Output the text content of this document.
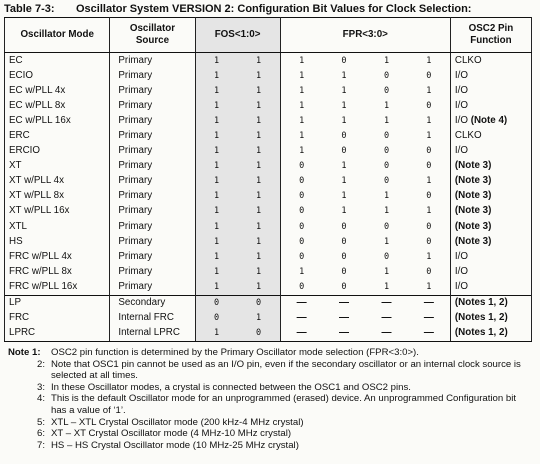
Table 7-3: Oscillator System VERSION 2: Configuration Bit Values for Clock Selection:
Oscillator Mode	Oscillator Source	FOS<1:0>		FPR<3:0>				OSC2 Pin Function
EC	Primary	1	1	1	0	1	1	CLKO
ECIO	Primary	1	1	1	1	0	0	I/O
EC w/PLL 4x	Primary	1	1	1	1	0	1	I/O
EC w/PLL 8x	Primary	1	1	1	1	1	0	I/O
EC w/PLL 16x	Primary	1	1	1	1	1	1	I/O (Note 4)
ERC	Primary	1	1	1	0	0	1	CLKO
ERCIO	Primary	1	1	1	0	0	0	I/O
XT	Primary	1	1	0	1	0	0	(Note 3)
XT w/PLL 4x	Primary	1	1	0	1	0	1	(Note 3)
XT w/PLL 8x	Primary	1	1	0	1	1	0	(Note 3)
XT w/PLL 16x	Primary	1	1	0	1	1	1	(Note 3)
XTL	Primary	1	1	0	0	0	0	(Note 3)
HS	Primary	1	1	0	0	1	0	(Note 3)
FRC w/PLL 4x	Primary	1	1	0	0	0	1	I/O
FRC w/PLL 8x	Primary	1	1	1	0	1	0	I/O
FRC w/PLL 16x	Primary	1	1	0	0	1	1	I/O
LP	Secondary	0	0	—	—	—	—	(Notes 1, 2)
FRC	Internal FRC	0	1	—	—	—	—	(Notes 1, 2)
LPRC	Internal LPRC	1	0	—	—	—	—	(Notes 1, 2)
Note 1:	OSC2 pin function is determined by the Primary Oscillator mode selection (FPR<3:0>).
2: Note that OSC1 pin cannot be used as an I/O pin, even if the secondary oscillator or an internal clock source is selected at all times.
3: In these Oscillator modes, a crystal is connected between the OSC1 and OSC2 pins.
4: This is the default Oscillator mode for an unprogrammed (erased) device. An unprogrammed Configuration bit has a value of ‘1’.
5: XTL – XTL Crystal Oscillator mode (200 kHz-4 MHz crystal)
6: XT – XT Crystal Oscillator mode (4 MHz-10 MHz crystal)
7: HS – HS Crystal Oscillator mode (10 MHz-25 MHz crystal)
